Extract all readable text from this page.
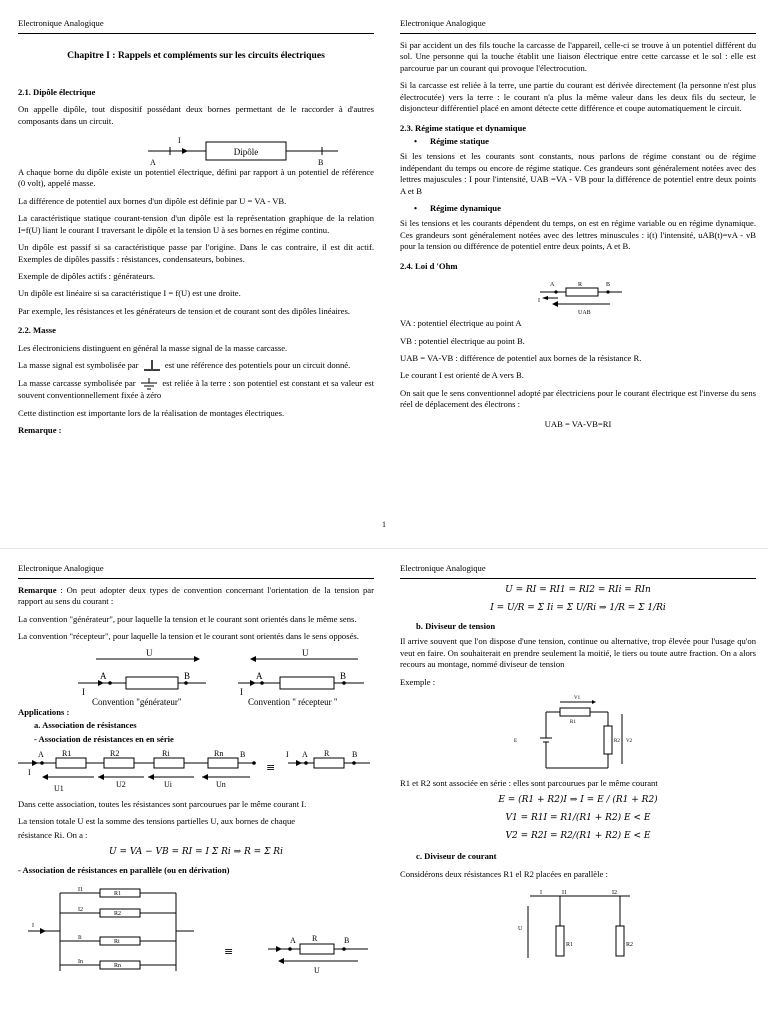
Electronique Analogique
Chapitre I : Rappels et compléments sur les circuits électriques
2.1. Dipôle électrique

On appelle dipôle, tout dispositif possédant deux bornes permettant de le raccorder à d'autres composants dans un circuit.

Dipôle
I
A	B

A chaque borne du dipôle existe un potentiel électrique, défini par rapport à un potentiel de référence (0 volt), appelé masse.

La différence de potentiel aux bornes d'un dipôle est définie par U = VA - VB.

La caractéristique statique courant-tension d'un dipôle est la représentation graphique de la relation I=f(U) liant le courant I traversant le dipôle et la tension U à ses bornes en régime continu.

Un dipôle est passif si sa caractéristique passe par l'origine. Dans le cas contraire, il est dit actif. Exemples de dipôles passifs : résistances, condensateurs, bobines.

Exemple de dipôles actifs : générateurs.

Un dipôle est linéaire si sa caractéristique I = f(U) est une droite.

Par exemple, les résistances et les générateurs de tension et de courant sont des dipôles linéaires.

2.2. Masse

Les électroniciens distinguent en général la masse signal de la masse carcasse.

La masse signal est symbolisée par	est une référence des potentiels pour un circuit donné.

La masse carcasse symbolisée par	est reliée à la terre : son potentiel est constant et sa valeur est souvent conventionnellement fixée à zéro

Cette distinction est importante lors de la réalisation de montages électriques.

Remarque :

Electronique Analogique

Si par accident un des fils touche la carcasse de l'appareil, celle-ci se trouve à un potentiel différent du sol. Une personne qui la touche établit une liaison électrique entre cette carcasse et le sol : elle est parcourue par un courant qui provoque l'électrocution.

Si la carcasse est reliée à la terre, une partie du courant est dérivée directement (la personne n'est plus électrocutée) vers la terre : le courant n'a plus la même valeur dans les deux fils du secteur, le disjoncteur différentiel placé en amont détecte cette différence et coupe automatiquement le circuit.

2.3. Régime statique et dynamique
• Régime statique

Si les tensions et les courants sont constants, nous parlons de régime constant ou de régime indépendant du temps ou encore de régime statique. Ces grandeurs sont généralement notées avec des lettres majuscules : I pour l'intensité, UAB =VA - VB pour la différence de potentiel entre deux points A et B

• Régime dynamique

Si les tensions et les courants dépendent du temps, on est en régime variable ou en régime dynamique. Ces grandeurs sont généralement notées avec des lettres minuscules : i(t) l'intensité, uAB(t)=vA - vB pour la tension ou différence de potentiel entre deux points, A et B.

2.4. Loi d 'Ohm
A	R	B
I
UAB

VA : potentiel électrique au point A

VB : potentiel électrique au point B.

UAB = VA-VB : différence de potentiel aux bornes de la résistance R.

Le courant I est orienté de A vers B.

On sait que le sens conventionnel adopté par électriciens pour le courant électrique est l'inverse du sens réel de déplacement des électrons :

UAB = VA-VB=RI

1
Electronique Analogique

Remarque : On peut adopter deux types de convention concernant l'orientation de la tension par rapport au sens du courant :

La convention "générateur", pour laquelle la tension et le courant sont orientés dans le même sens.

La convention "récepteur", pour laquelle la tension et le courant sont orientés dans le sens opposés.

U
A	B
I
Convention "générateur"
U
A	B
I
Convention " récepteur "

Applications :

a. Association de résistances
- Association de résistances en en série
A	B
I
R1	R2	Ri	Rn
U1	U2	Ui	Un
≡
I A R	B

Dans cette association, toutes les résistances sont parcourues par le même courant I.

La tension totale U est la somme des tensions partielles U, aux bornes de chaque

résistance Ri. On a :

U = VA − VB = RI = I Σ Ri ⇒ R = Σ Ri
- Association de résistances en parallèle (ou en dérivation)
I
I1
I2
Ii
In
R1
R2
Ri
Rn
≡
A R	B
U
Electronique Analogique
U = RI = RI1 = RI2 = RIi = RIn
I = U/R = Σ Ii = Σ U/Ri ⇒ 1/R = Σ 1/Ri
b. Diviseur de tension

Il arrive souvent que l'on dispose d'une tension, continue ou alternative, trop élevée pour l'usage qu'on veut en faire. On souhaiterait en prendre seulement la moitié, le tiers ou toute autre fraction. On a alors recours au montage, nommé diviseur de tension

Exemple :

V1
R1
R2 V2
E

R1 et R2 sont associée en série : elles sont parcourues par le même courant

E = (R1 + R2)I ⇒ I = E / (R1 + R2)
V1 = R1I = R1/(R1 + R2) E < E
V2 = R2I = R2/(R1 + R2) E < E
c. Diviseur de courant

Considérons deux résistances R1 el R2 placées en parallèle :

U
I	I1	I2
R1	R2
